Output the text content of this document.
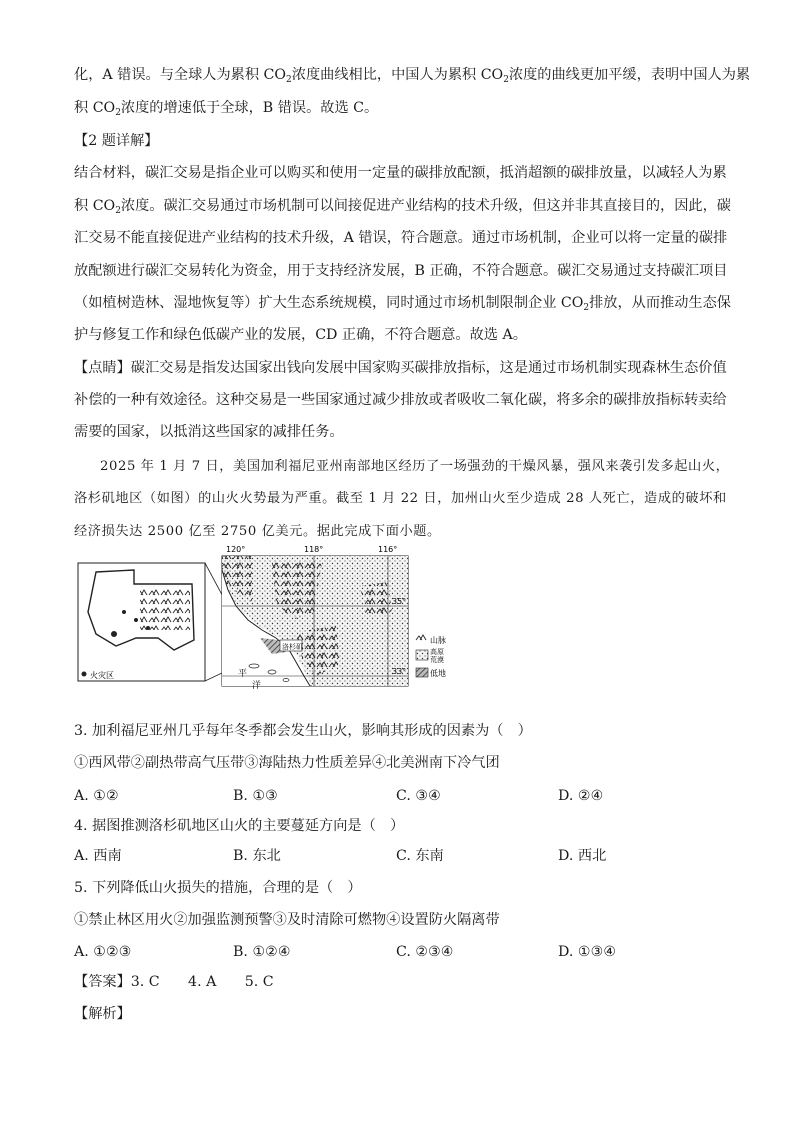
化，A 错误。与全球人为累积 $CO_2$浓度曲线相比，中国人为累积 $CO_2$浓度的曲线更加平缓，表明中国人为累
积 $CO_2$浓度的增速低于全球，B 错误。故选 C。
【2 题详解】
结合材料，碳汇交易是指企业可以购买和使用一定量的碳排放配额，抵消超额的碳排放量，以减轻人为累
积 $CO_2$浓度。碳汇交易通过市场机制可以间接促进产业结构的技术升级，但这并非其直接目的，因此，碳
汇交易不能直接促进产业结构的技术升级，A 错误，符合题意。通过市场机制，企业可以将一定量的碳排
放配额进行碳汇交易转化为资金，用于支持经济发展，B 正确，不符合题意。碳汇交易通过支持碳汇项目
（如植树造林、湿地恢复等）扩大生态系统规模，同时通过市场机制限制企业 $CO_2$排放，从而推动生态保
护与修复工作和绿色低碳产业的发展，CD 正确，不符合题意。故选 A。
【点睛】碳汇交易是指发达国家出钱向发展中国家购买碳排放指标，这是通过市场机制实现森林生态价值
补偿的一种有效途径。这种交易是一些国家通过减少排放或者吸收二氧化碳，将多余的碳排放指标转卖给
需要的国家，以抵消这些国家的减排任务。
2025 年 1 月 7 日，美国加利福尼亚州南部地区经历了一场强劲的干燥风暴，强风来袭引发多起山火，
洛杉矶地区（如图）的山火火势最为严重。截至 1 月 22 日，加州山火至少造成 28 人死亡，造成的破坏和
经济损失达 2500 亿至 2750 亿美元。据此完成下面小题。
火灾区
洛杉矶
120°	118°	116°
35°
33°
平
洋
山脉
高原
荒漠
低地
3. 加利福尼亚州几乎每年冬季都会发生山火，影响其形成的因素为（　）
①西风带②副热带高气压带③海陆热力性质差异④北美洲南下冷气团
A. ①②	B. ①③	C. ③④	D. ②④
4. 据图推测洛杉矶地区山火的主要蔓延方向是（　）
A. 西南	B. 东北	C. 东南	D. 西北
5. 下列降低山火损失的措施，合理的是（　）
①禁止林区用火②加强监测预警③及时清除可燃物④设置防火隔离带
A. ①②③	B. ①②④	C. ②③④	D. ①③④
【答案】3. C　　4. A　　5. C
【解析】
